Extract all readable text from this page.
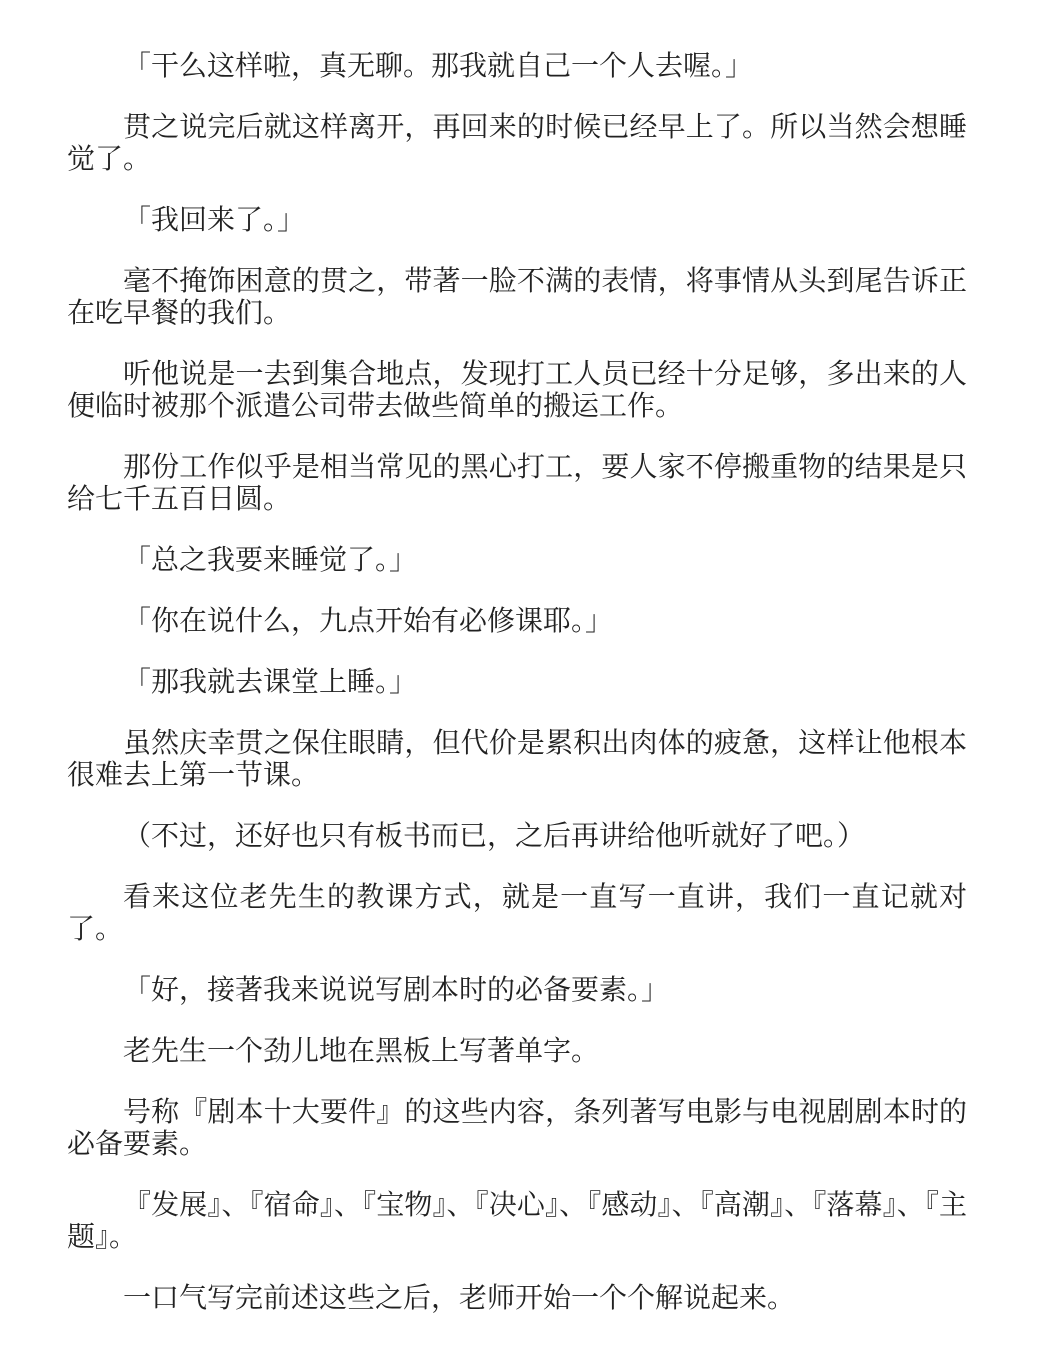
「干么这样啦，真无聊。那我就自己一个人去喔。」

贯之说完后就这样离开，再回来的时候已经早上了。所以当然会想睡觉了。

「我回来了。」

毫不掩饰困意的贯之，带著一脸不满的表情，将事情从头到尾告诉正在吃早餐的我们。

听他说是一去到集合地点，发现打工人员已经十分足够，多出来的人便临时被那个派遣公司带去做些简单的搬运工作。

那份工作似乎是相当常见的黑心打工，要人家不停搬重物的结果是只给七千五百日圆。

「总之我要来睡觉了。」

「你在说什么，九点开始有必修课耶。」

「那我就去课堂上睡。」

虽然庆幸贯之保住眼睛，但代价是累积出肉体的疲惫，这样让他根本很难去上第一节课。

（不过，还好也只有板书而已，之后再讲给他听就好了吧。）

看来这位老先生的教课方式，就是一直写一直讲，我们一直记就对了。

「好，接著我来说说写剧本时的必备要素。」

老先生一个劲儿地在黑板上写著单字。

号称『剧本十大要件』的这些内容，条列著写电影与电视剧剧本时的必备要素。

『发展』、『宿命』、『宝物』、『决心』、『感动』、『高潮』、『落幕』、『主题』。

一口气写完前述这些之后，老师开始一个个解说起来。
